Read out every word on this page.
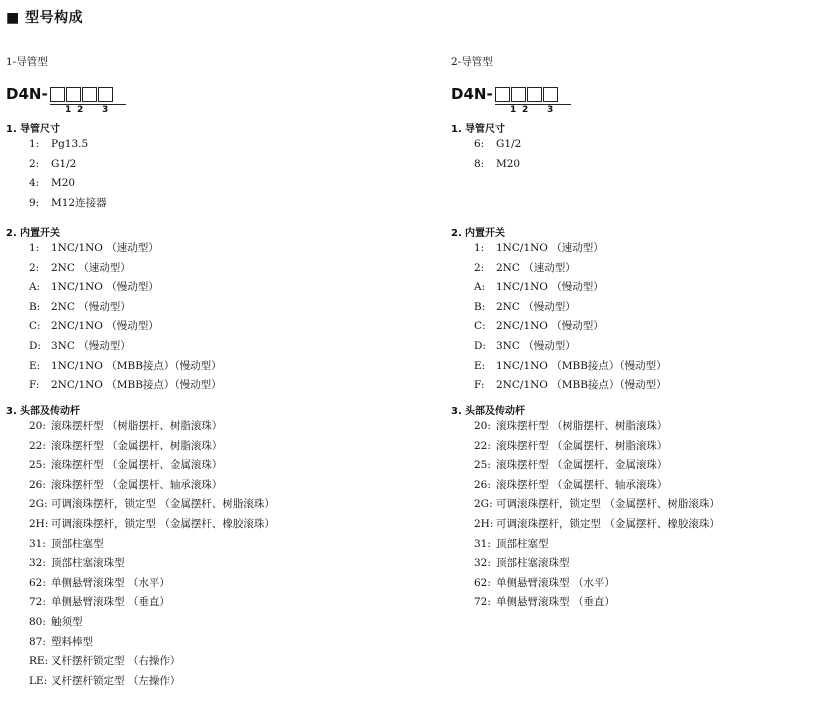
■ 型号构成
1-导管型
D4N-
1 2 3
1. 导管尺寸
1: Pg13.5
2: G1/2
4: M20
9: M12连接器
2. 内置开关
1: 1NC/1NO （速动型）
2: 2NC （速动型）
A: 1NC/1NO （慢动型）
B: 2NC （慢动型）
C: 2NC/1NO （慢动型）
D: 3NC （慢动型）
E: 1NC/1NO （MBB接点）（慢动型）
F: 2NC/1NO （MBB接点）（慢动型）
3. 头部及传动杆
20: 滚珠摆杆型 （树脂摆杆、树脂滚珠）
22: 滚珠摆杆型 （金属摆杆、树脂滚珠）
25: 滚珠摆杆型 （金属摆杆、金属滚珠）
26: 滚珠摆杆型 （金属摆杆、轴承滚珠）
2G: 可调滚珠摆杆，锁定型 （金属摆杆、树脂滚珠）
2H: 可调滚珠摆杆，锁定型 （金属摆杆、橡胶滚珠）
31: 顶部柱塞型
32: 顶部柱塞滚珠型
62: 单侧悬臂滚珠型 （水平）
72: 单侧悬臂滚珠型 （垂直）
80: 触须型
87: 塑料棒型
RE: 叉杆摆杆锁定型 （右操作）
LE: 叉杆摆杆锁定型 （左操作）
2-导管型
D4N-
1 2 3
1. 导管尺寸
6: G1/2
8: M20
2. 内置开关
1: 1NC/1NO （速动型）
2: 2NC （速动型）
A: 1NC/1NO （慢动型）
B: 2NC （慢动型）
C: 2NC/1NO （慢动型）
D: 3NC （慢动型）
E: 1NC/1NO （MBB接点）（慢动型）
F: 2NC/1NO （MBB接点）（慢动型）
3. 头部及传动杆
20: 滚珠摆杆型 （树脂摆杆、树脂滚珠）
22: 滚珠摆杆型 （金属摆杆、树脂滚珠）
25: 滚珠摆杆型 （金属摆杆、金属滚珠）
26: 滚珠摆杆型 （金属摆杆、轴承滚珠）
2G: 可调滚珠摆杆，锁定型 （金属摆杆、树脂滚珠）
2H: 可调滚珠摆杆，锁定型 （金属摆杆、橡胶滚珠）
31: 顶部柱塞型
32: 顶部柱塞滚珠型
62: 单侧悬臂滚珠型 （水平）
72: 单侧悬臂滚珠型 （垂直）
